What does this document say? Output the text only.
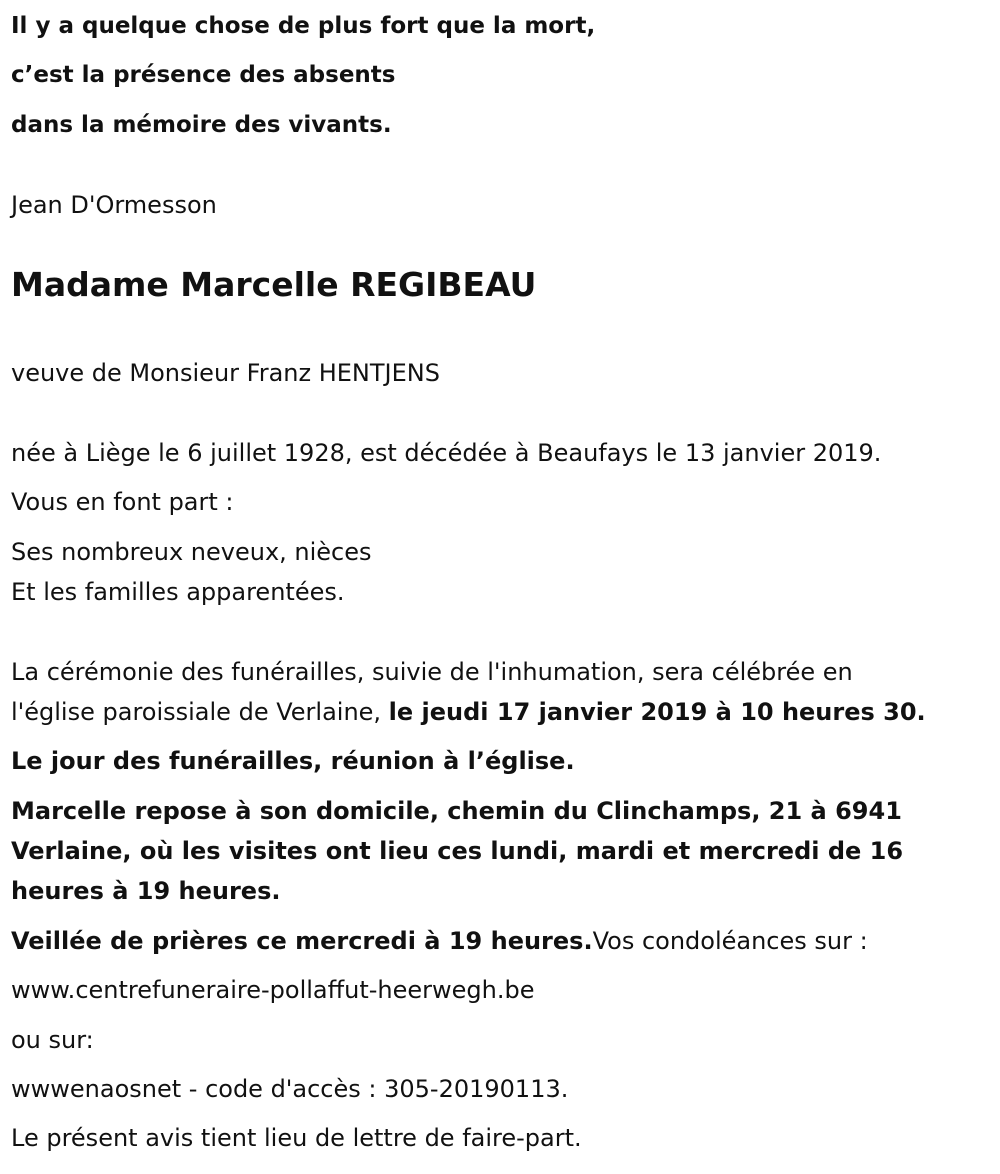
Il y a quelque chose de plus fort que la mort,
c’est la présence des absents
dans la mémoire des vivants.
Jean D'Ormesson
Madame Marcelle REGIBEAU
veuve de Monsieur Franz HENTJENS
née à Liège le 6 juillet 1928, est décédée à Beaufays le 13 janvier 2019.
Vous en font part :
Ses nombreux neveux, nièces
Et les familles apparentées.
La cérémonie des funérailles, suivie de l'inhumation, sera célébrée en
l'église paroissiale de Verlaine, le jeudi 17 janvier 2019 à 10 heures 30.
Le jour des funérailles, réunion à l’église.
Marcelle repose à son domicile, chemin du Clinchamps, 21 à 6941
Verlaine, où les visites ont lieu ces lundi, mardi et mercredi de 16
heures à 19 heures.
Veillée de prières ce mercredi à 19 heures.Vos condoléances sur :
www.centrefuneraire-pollaffut-heerwegh.be
ou sur:
wwwenaosnet - code d'accès : 305-20190113.
Le présent avis tient lieu de lettre de faire-part.
